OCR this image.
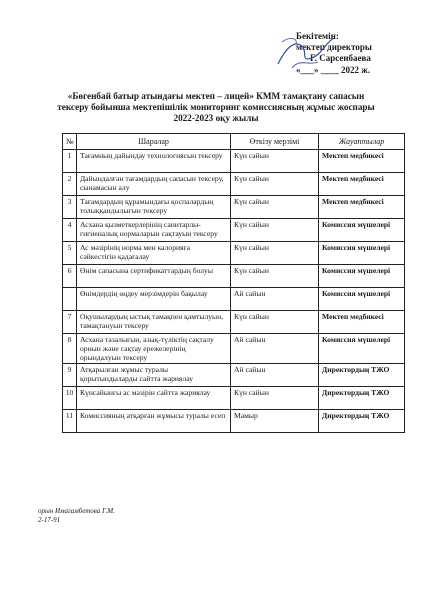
Бекітемін:
мектеп директоры
Г. Сарсенбаева
«___» ____ 2022 ж.
«Бөгенбай батыр атындағы мектеп – лицей» КММ тамақтану сапасын
тексеру бойынша мектепішілік мониторинг комиссиясның жұмыс жоспары
2022-2023 оқу жылы
№	Шаралар	Өткізу мерзімі	Жауаптылар
1	Тағамның дайындау технологиясын тексеру	Күн сайын	Мектеп медбикесі
2	Дайындалған тағамдардың сапасын тексеру, сынамасын алу	Күн сайын	Мектеп медбикесі
3	Тағамдардың құрамындағы қоспалардың толыққандылығын тексеру	Күн сайын	Мектеп медбикесі
4	Асхана қызметкерлерінің санитарлы-гигиеналық нормаларын сақтауын тексеру	Күн сайын	Комиссия мүшелері
5	Ас мәзірінің норма мен калорияға сәйкестігін қадағалау	Күн сайын	Комиссия мүшелері
6	Өнім сапасына сертификаттардың болуы	Күн сайын	Комиссия мүшелері
	Өнімдердің өңдеу мерзімдерін бақылау	Ай сайын	Комиссия мүшелері
7	Оқушылардың ыстық тамақпен қамтылуын, тамақтануын тексеру	Күн сайын	Мектеп медбикесі
8	Асхана тазалығын, азық-түліктің сақталу орнын және сақтау ережелерінің орындалуын тексеру	Ай сайын	Комиссия мүшелері
9	Атқарылған жұмыс туралы қорытындыларды сайтта жариялау	Ай сайын	Директордың ТЖО
10	Күнсайынғы ас мәзірін сайтта жариялау	Күн сайын	Директордың ТЖО
11	Комиссияның атқарған жұмысы туралы есеп	Мамыр	Директордың ТЖО
орын Имагамбетова Г.М.
2-17-91
